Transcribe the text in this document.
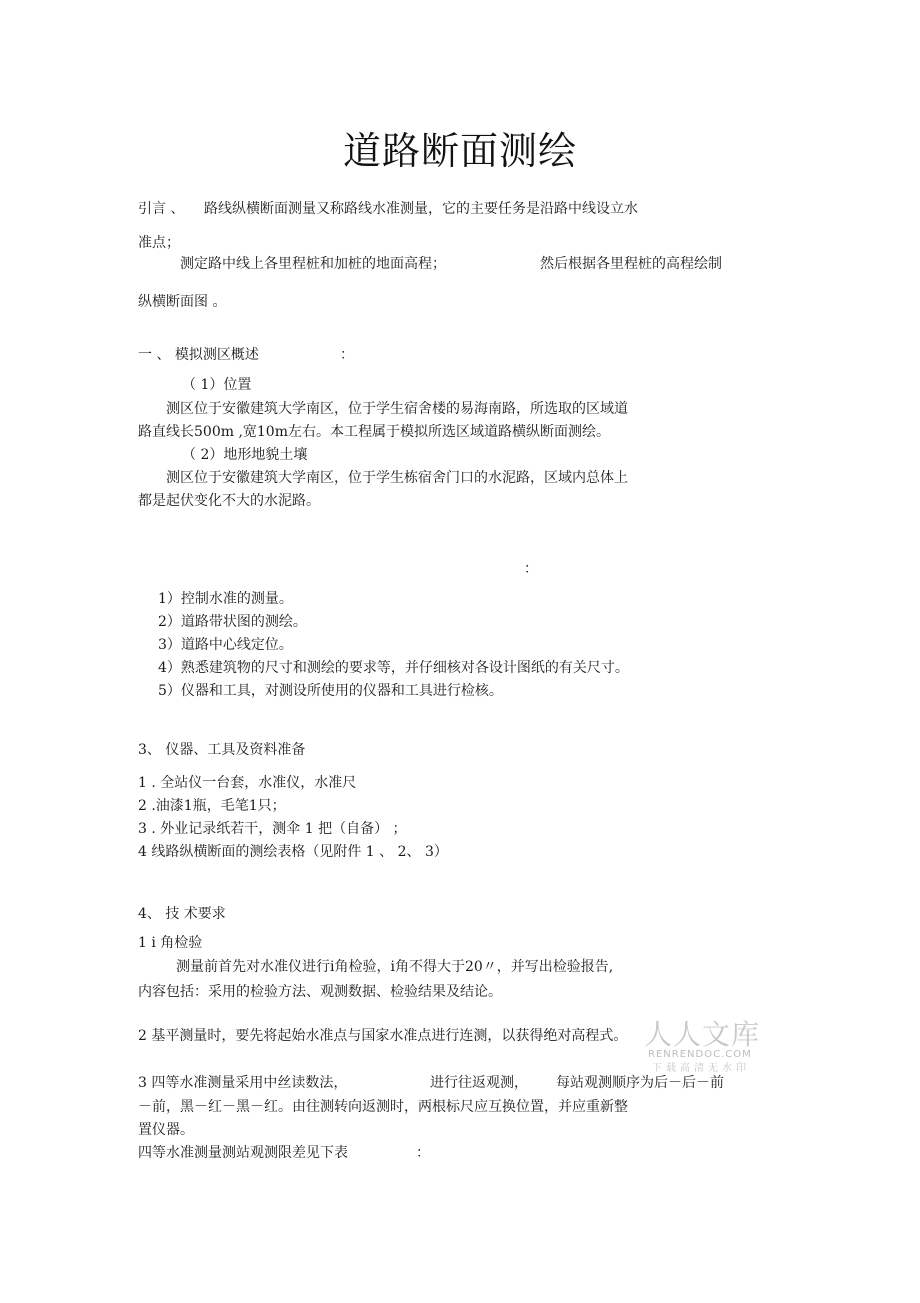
道路断面测绘
引言 、 路线纵横断面测量又称路线水准测量，它的主要任务是沿路中线设立水
准点；
测定路中线上各里程桩和加桩的地面高程；	然后根据各里程桩的高程绘制
纵横断面图 。
一 、 模拟测区概述	：
（ 1）位置
测区位于安徽建筑大学南区，位于学生宿舍楼的易海南路，所选取的区域道
路直线长500m ,宽10m左右。本工程属于模拟所选区域道路横纵断面测绘。
（ 2）地形地貌土壤
测区位于安徽建筑大学南区，位于学生栋宿舍门口的水泥路，区域内总体上
都是起伏变化不大的水泥路。
：
1）控制水准的测量。
2）道路带状图的测绘。
3）道路中心线定位。
4）熟悉建筑物的尺寸和测绘的要求等，并仔细核对各设计图纸的有关尺寸。
5）仪器和工具，对测设所使用的仪器和工具进行检核。
3、 仪器、工具及资料准备
1 . 全站仪一台套，水准仪，水准尺
2 .油漆1瓶，毛笔1只；
3 . 外业记录纸若干，测伞 1 把（自备） ；
4 线路纵横断面的测绘表格（见附件 1 、 2、 3）
4、 技 术要求
1 i 角检验
测量前首先对水准仪进行i角检验，i角不得大于20〃，并写出检验报告,
内容包括：采用的检验方法、观测数据、检验结果及结论。
2 基平测量时，要先将起始水准点与国家水准点进行连测，以获得绝对高程式。
3 四等水准测量采用中丝读数法，	进行往返观测， 每站观测顺序为后－后－前
－前，黑－红－黑－红。由往测转向返测时，两根标尺应互换位置，并应重新整
置仪器。
四等水准测量测站观测限差见下表	：
人人文库
RENRENDOC.COM
下载高清无水印
